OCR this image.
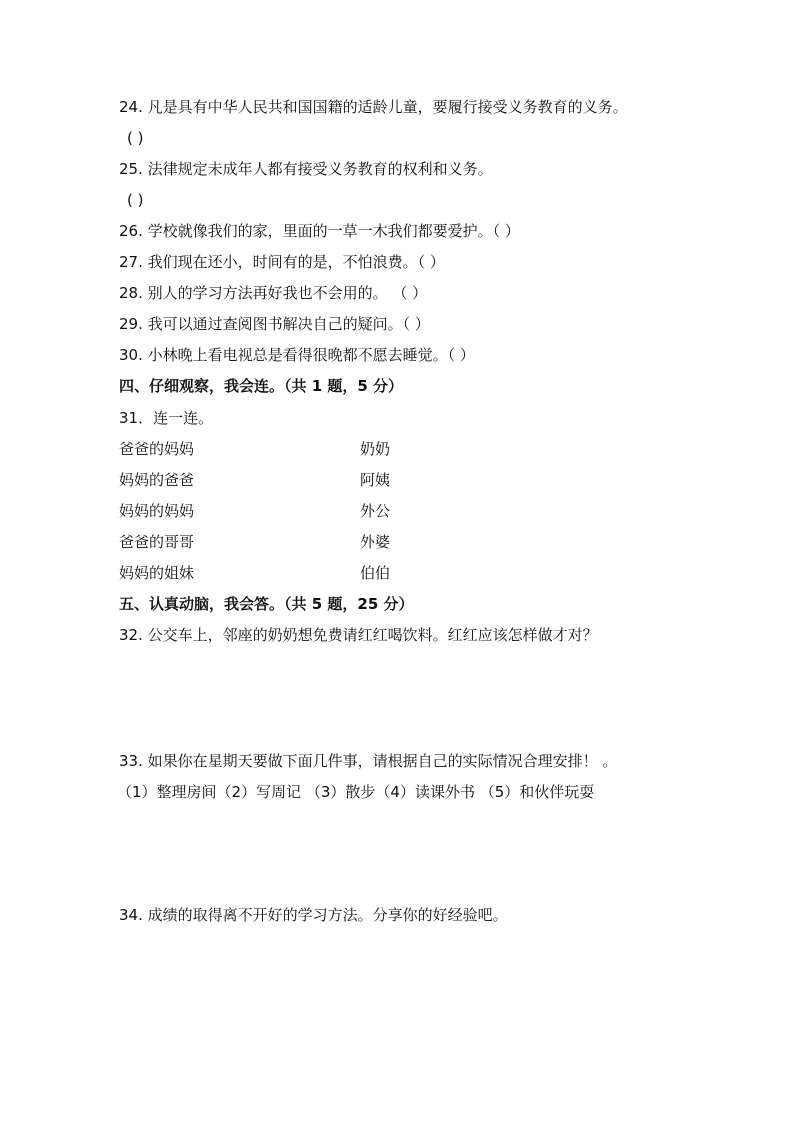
24. 凡是具有中华人民共和国国籍的适龄儿童，要履行接受义务教育的义务。
( )
25. 法律规定未成年人都有接受义务教育的权利和义务。
( )
26. 学校就像我们的家，里面的一草一木我们都要爱护。（ ）
27. 我们现在还小，时间有的是，不怕浪费。（ ）
28. 别人的学习方法再好我也不会用的。 （ ）
29. 我可以通过查阅图书解决自己的疑问。（ ）
30. 小林晚上看电视总是看得很晚都不愿去睡觉。（ ）
四、仔细观察，我会连。（共 1 题，5 分）
31．连一连。
爸爸的妈妈	奶奶
妈妈的爸爸	阿姨
妈妈的妈妈	外公
爸爸的哥哥	外婆
妈妈的姐妹	伯伯
五、认真动脑，我会答。（共 5 题，25 分）
32. 公交车上，邻座的奶奶想免费请红红喝饮料。红红应该怎样做才对？
33. 如果你在星期天要做下面几件事，请根据自己的实际情况合理安排！ 。
（1）整理房间（2）写周记 （3）散步（4）读课外书 （5）和伙伴玩耍
34. 成绩的取得离不开好的学习方法。分享你的好经验吧。
